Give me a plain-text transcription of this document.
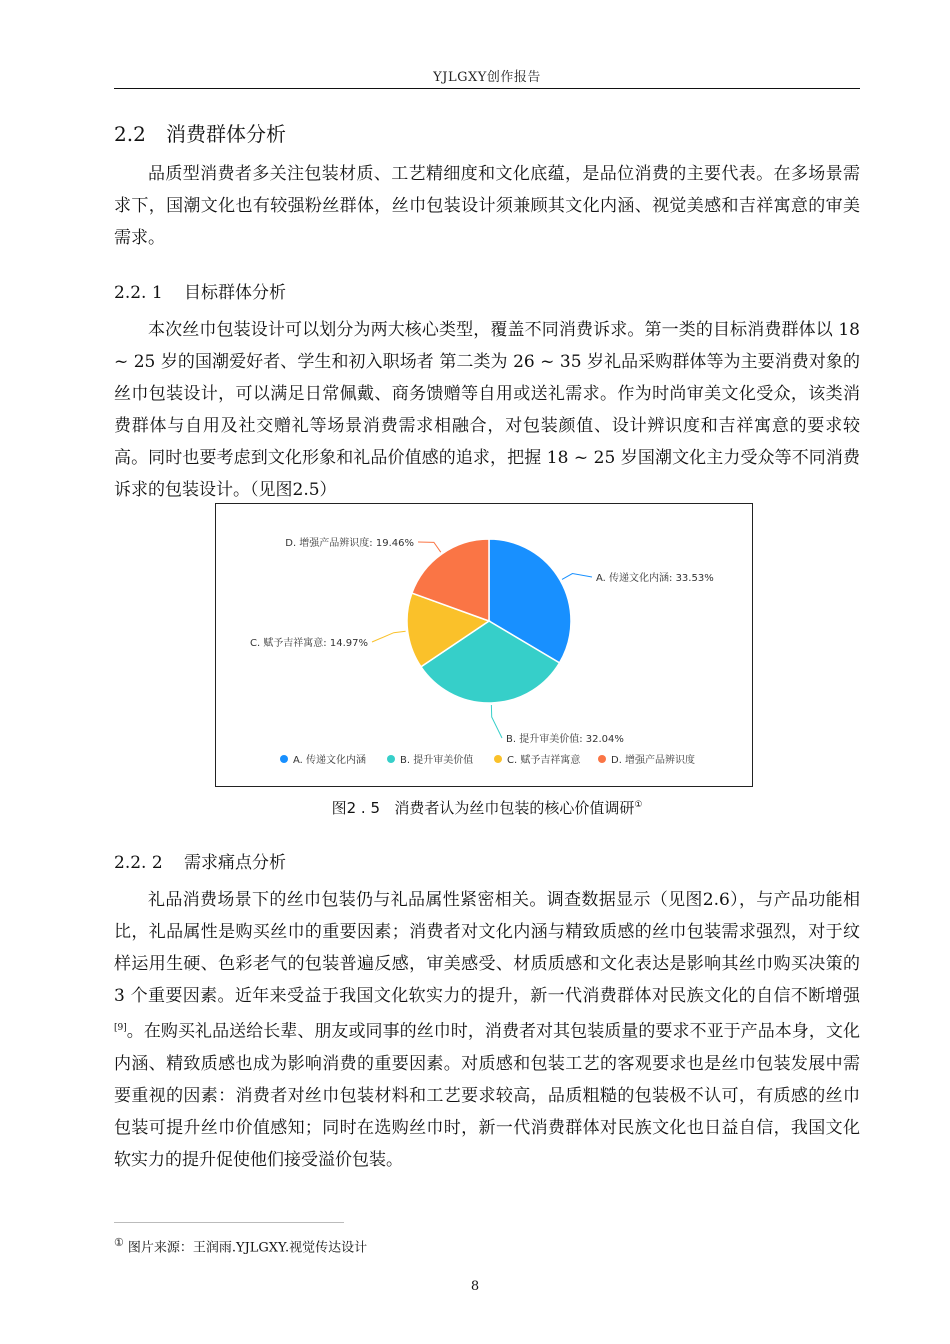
YJLGXY创作报告
2.2 消费群体分析
品质型消费者多关注包装材质、工艺精细度和文化底蕴，是品位消费的主要代表。在多场景需求下，国潮文化也有较强粉丝群体，丝巾包装设计须兼顾其文化内涵、视觉美感和吉祥寓意的审美需求。
2.2. 1 目标群体分析
本次丝巾包装设计可以划分为两大核心类型，覆盖不同消费诉求。第一类的目标消费群体以 18 ~ 25 岁的国潮爱好者、学生和初入职场者 第二类为 26 ~ 35 岁礼品采购群体等为主要消费对象的丝巾包装设计，可以满足日常佩戴、商务馈赠等自用或送礼需求。作为时尚审美文化受众，该类消费群体与自用及社交赠礼等场景消费需求相融合，对包装颜值、设计辨识度和吉祥寓意的要求较高。同时也要考虑到文化形象和礼品价值感的追求，把握 18 ~ 25 岁国潮文化主力受众等不同消费诉求的包装设计。（见图2.5）
A. 传递文化内涵: 33.53%
B. 提升审美价值: 32.04%
C. 赋予吉祥寓意: 14.97%
D. 增强产品辨识度: 19.46%
A. 传递文化内涵	B. 提升审美价值	C. 赋予吉祥寓意	D. 增强产品辨识度
图2 . 5 消费者认为丝巾包装的核心价值调研①
2.2. 2 需求痛点分析
礼品消费场景下的丝巾包装仍与礼品属性紧密相关。调查数据显示（见图2.6），与产品功能相比，礼品属性是购买丝巾的重要因素；消费者对文化内涵与精致质感的丝巾包装需求强烈，对于纹样运用生硬、色彩老气的包装普遍反感，审美感受、材质质感和文化表达是影响其丝巾购买决策的 3 个重要因素。近年来受益于我国文化软实力的提升，新一代消费群体对民族文化的自信不断增强[9]。在购买礼品送给长辈、朋友或同事的丝巾时，消费者对其包装质量的要求不亚于产品本身，文化内涵、精致质感也成为影响消费的重要因素。对质感和包装工艺的客观要求也是丝巾包装发展中需要重视的因素：消费者对丝巾包装材料和工艺要求较高，品质粗糙的包装极不认可，有质感的丝巾包装可提升丝巾价值感知；同时在选购丝巾时，新一代消费群体对民族文化也日益自信，我国文化软实力的提升促使他们接受溢价包装。
① 图片来源：王润雨.YJLGXY.视觉传达设计
8
